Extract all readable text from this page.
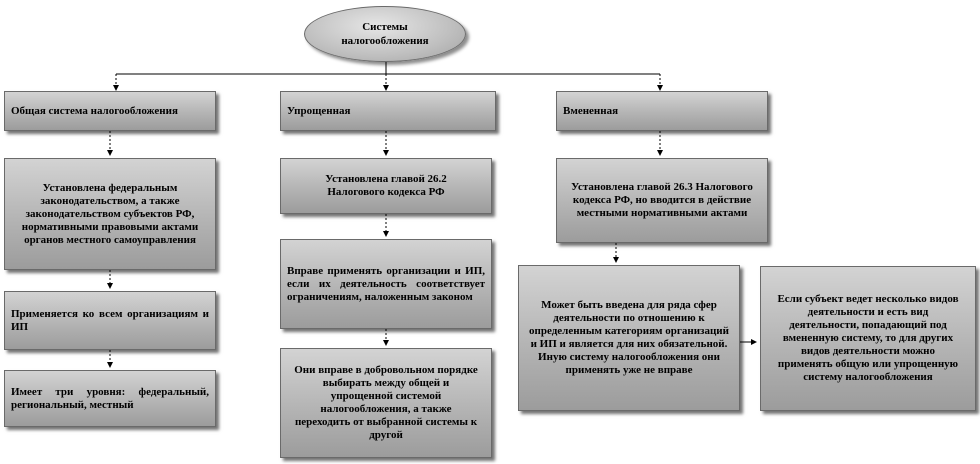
Системы
налогообложения
Общая система налогообложения	Упрощенная	Вмененная
Установлена федеральным законодательством, а также законодательством субъектов РФ, нормативными правовыми актами органов местного самоуправления
Применяется ко всем организациям и ИП
Имеет три уровня: федеральный, региональный, местный
Установлена главой 26.2 Налогового кодекса РФ
Вправе применять организации и ИП, если их деятельность соответствует ограничениям, наложенным законом
Они вправе в добровольном порядке выбирать между общей и упрощенной системой налогообложения, а также переходить от выбранной системы к другой
Установлена главой 26.3 Налогового кодекса РФ, но вводится в действие местными нормативными актами
Может быть введена для ряда сфер деятельности по отношению к определенным категориям организаций и ИП и является для них обязательной. Иную систему налогообложения они применять уже не вправе
Если субъект ведет несколько видов деятельности и есть вид деятельности, попадающий под вмененную систему, то для других видов деятельности можно применять общую или упрощенную систему налогообложения
